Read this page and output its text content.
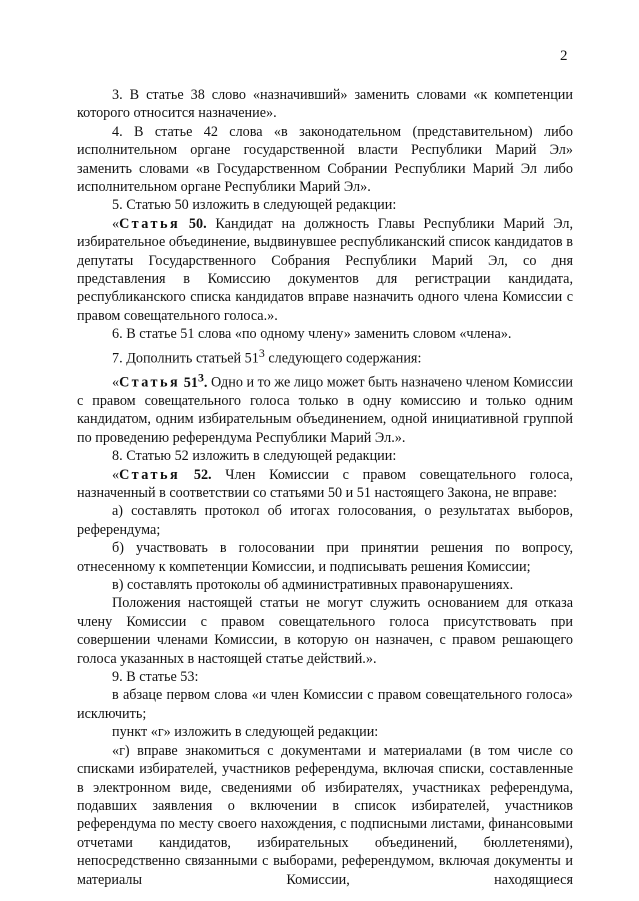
2

3. В статье 38 слово «назначивший» заменить словами «к компетенции которого относится назначение».

4. В статье 42 слова «в законодательном (представительном) либо исполнительном органе государственной власти Республики Марий Эл» заменить словами «в Государственном Собрании Республики Марий Эл либо исполнительном органе Республики Марий Эл».

5. Статью 50 изложить в следующей редакции:

«Статья 50. Кандидат на должность Главы Республики Марий Эл, избирательное объединение, выдвинувшее республиканский список кандидатов в депутаты Государственного Собрания Республики Марий Эл, со дня представления в Комиссию документов для регистрации кандидата, республиканского списка кандидатов вправе назначить одного члена Комиссии с правом совещательного голоса.».

6. В статье 51 слова «по одному члену» заменить словом «члена».

7. Дополнить статьей $51^3$ следующего содержания:

«Статья $51^3$. Одно и то же лицо может быть назначено членом Комиссии с правом совещательного голоса только в одну комиссию и только одним кандидатом, одним избирательным объединением, одной инициативной группой по проведению референдума Республики Марий Эл.».

8. Статью 52 изложить в следующей редакции:

«Статья 52. Член Комиссии с правом совещательного голоса, назначенный в соответствии со статьями 50 и 51 настоящего Закона, не вправе:

а) составлять протокол об итогах голосования, о результатах выборов, референдума;

б) участвовать в голосовании при принятии решения по вопросу, отнесенному к компетенции Комиссии, и подписывать решения Комиссии;

в) составлять протоколы об административных правонарушениях.

Положения настоящей статьи не могут служить основанием для отказа члену Комиссии с правом совещательного голоса присутствовать при совершении членами Комиссии, в которую он назначен, с правом решающего голоса указанных в настоящей статье действий.».

9. В статье 53:

в абзаце первом слова «и член Комиссии с правом совещательного голоса» исключить;

пункт «г» изложить в следующей редакции:

«г) вправе знакомиться с документами и материалами (в том числе со списками избирателей, участников референдума, включая списки, составленные в электронном виде, сведениями об избирателях, участниках референдума, подавших заявления о включении в список избирателей, участников референдума по месту своего нахождения, с подписными листами, финансовыми отчетами кандидатов, избирательных объединений, бюллетенями), непосредственно связанными с выборами, референдумом, включая документы и материалы Комиссии, находящиеся
